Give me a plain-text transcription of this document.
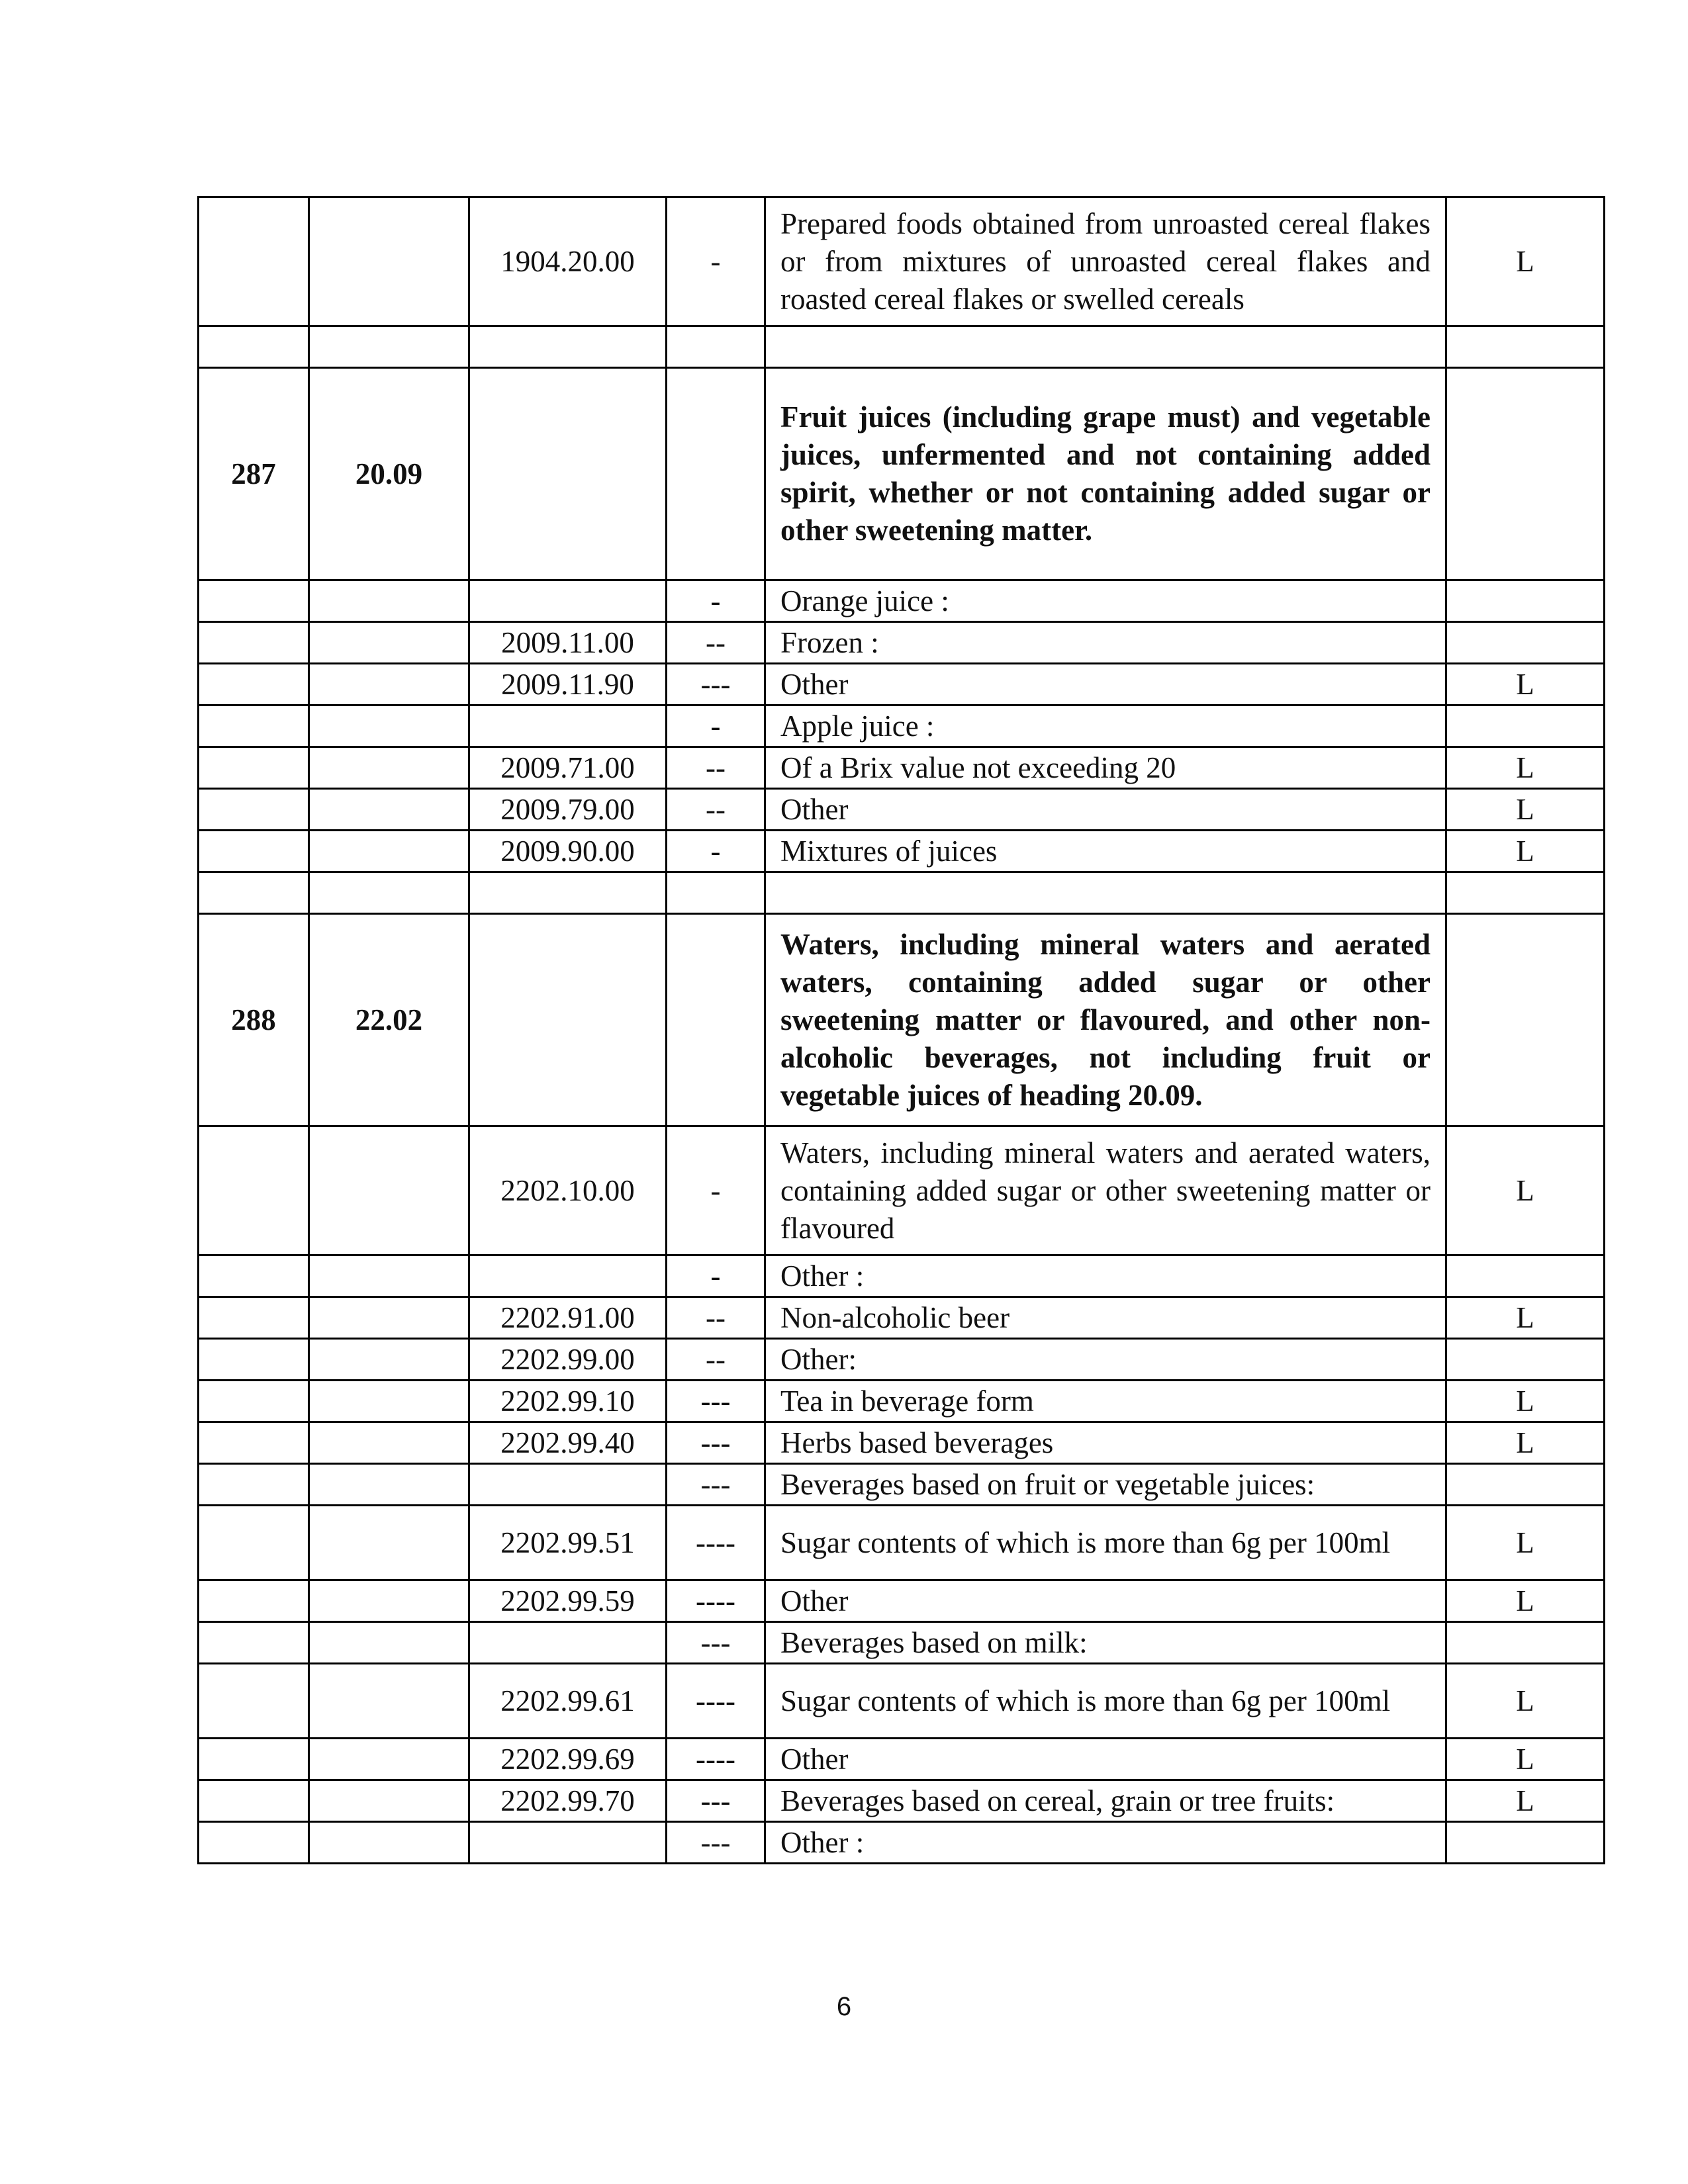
		1904.20.00	-	Prepared foods obtained from unroasted cereal flakes or from mixtures of unroasted cereal flakes and roasted cereal flakes or swelled cereals	L

287	20.09			Fruit juices (including grape must) and vegetable juices, unfermented and not containing added spirit, whether or not containing added sugar or other sweetening matter.	
			-	Orange juice :	
		2009.11.00	--	Frozen :	
		2009.11.90	---	Other	L
			-	Apple juice :	
		2009.71.00	--	Of a Brix value not exceeding 20	L
		2009.79.00	--	Other	L
		2009.90.00	-	Mixtures of juices	L

288	22.02			Waters, including mineral waters and aerated waters, containing added sugar or other sweetening matter or flavoured, and other non-alcoholic beverages, not including fruit or vegetable juices of heading 20.09.	
		2202.10.00	-	Waters, including mineral waters and aerated waters, containing added sugar or other sweetening matter or flavoured	L
			-	Other :	
		2202.91.00	--	Non-alcoholic beer	L
		2202.99.00	--	Other:	
		2202.99.10	---	Tea in beverage form	L
		2202.99.40	---	Herbs based beverages	L
			---	Beverages based on fruit or vegetable juices:	
		2202.99.51	----	Sugar contents of which is more than 6g per 100ml	L
		2202.99.59	----	Other	L
			---	Beverages based on milk:	
		2202.99.61	----	Sugar contents of which is more than 6g per 100ml	L
		2202.99.69	----	Other	L
		2202.99.70	---	Beverages based on cereal, grain or tree fruits:	L
			---	Other :	
6
